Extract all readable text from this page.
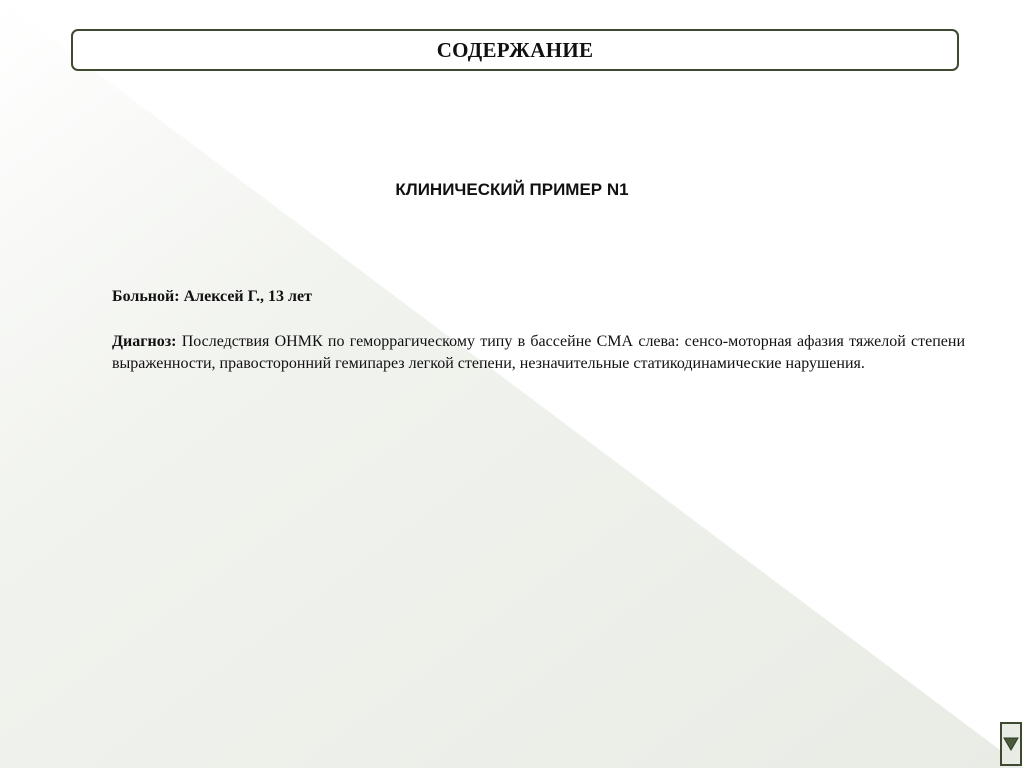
СОДЕРЖАНИЕ
КЛИНИЧЕСКИЙ ПРИМЕР N1
Больной: Алексей Г., 13 лет
Диагноз: Последствия ОНМК по геморрагическому типу в бассейне СМА слева: сенсо-моторная афазия тяжелой степени выраженности, правосторонний гемипарез легкой степени, незначительные статикодинамические нарушения.
